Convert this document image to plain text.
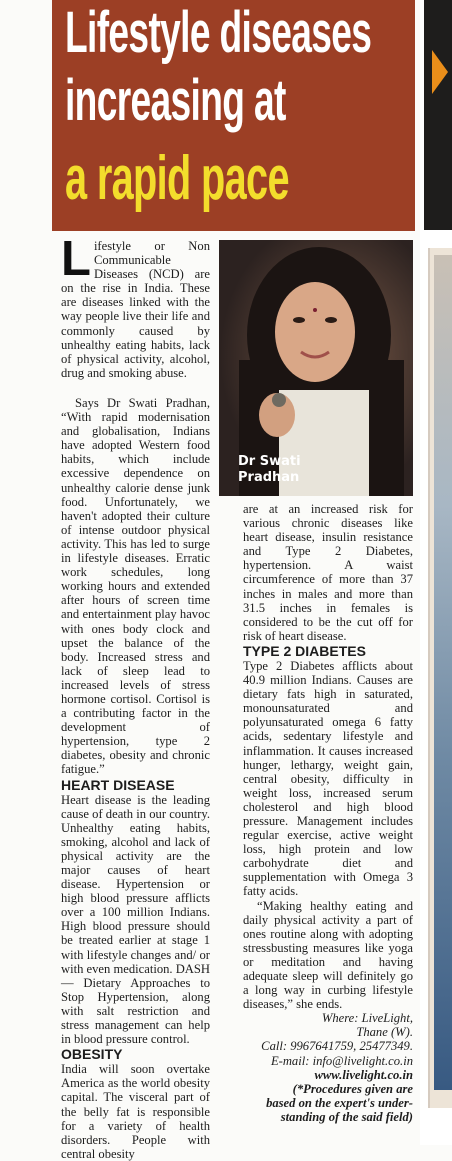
Lifestyle diseases
increasing at
a rapid pace
Dr Swati
Pradhan

Lifestyle or Non Communicable Diseases (NCD) are on the rise in India. These are diseases linked with the way people live their life and commonly caused by unhealthy eating habits, lack of physical activity, alcohol, drug and smoking abuse.

Says Dr Swati Pradhan, “With rapid modernisation and globalisation, Indians have adopted Western food habits, which include excessive dependence on unhealthy calorie dense junk food. Unfortunately, we haven't adopted their culture of intense outdoor physical activity. This has led to surge in lifestyle diseases. Erratic work schedules, long working hours and extended after hours of screen time and entertainment play havoc with ones body clock and upset the balance of the body. Increased stress and lack of sleep lead to increased levels of stress hormone cortisol. Cortisol is a contributing factor in the development of hypertension, type 2 diabetes, obesity and chronic fatigue.”

HEART DISEASE

Heart disease is the leading cause of death in our country. Unhealthy eating habits, smoking, alcohol and lack of physical activity are the major causes of heart disease. Hypertension or high blood pressure afflicts over a 100 million Indians. High blood pressure should be treated earlier at stage 1 with lifestyle changes and/ or with even medication. DASH — Dietary Approaches to Stop Hypertension, along with salt restriction and stress management can help in blood pressure control.

OBESITY

India will soon overtake America as the world obesity capital. The visceral part of the belly fat is responsible for a variety of health disorders. People with central obesity

are at an increased risk for various chronic diseases like heart disease, insulin resistance and Type 2 Diabetes, hypertension. A waist circumference of more than 37 inches in males and more than 31.5 inches in females is considered to be the cut off for risk of heart disease.

TYPE 2 DIABETES

Type 2 Diabetes afflicts about 40.9 million Indians. Causes are dietary fats high in saturated, monounsaturated and polyunsaturated omega 6 fatty acids, sedentary lifestyle and inflammation. It causes increased hunger, lethargy, weight gain, central obesity, difficulty in weight loss, increased serum cholesterol and high blood pressure. Management includes regular exercise, active weight loss, high protein and low carbohydrate diet and supplementation with Omega 3 fatty acids.

“Making healthy eating and daily physical activity a part of ones routine along with adopting stressbusting measures like yoga or meditation and having adequate sleep will definitely go a long way in curbing lifestyle diseases,” she ends.

Where: LiveLight,

Thane (W).

Call: 9967641759, 25477349.

E-mail: info@livelight.co.in

www.livelight.co.in

(*Procedures given are

based on the expert's under-

standing of the said field)
